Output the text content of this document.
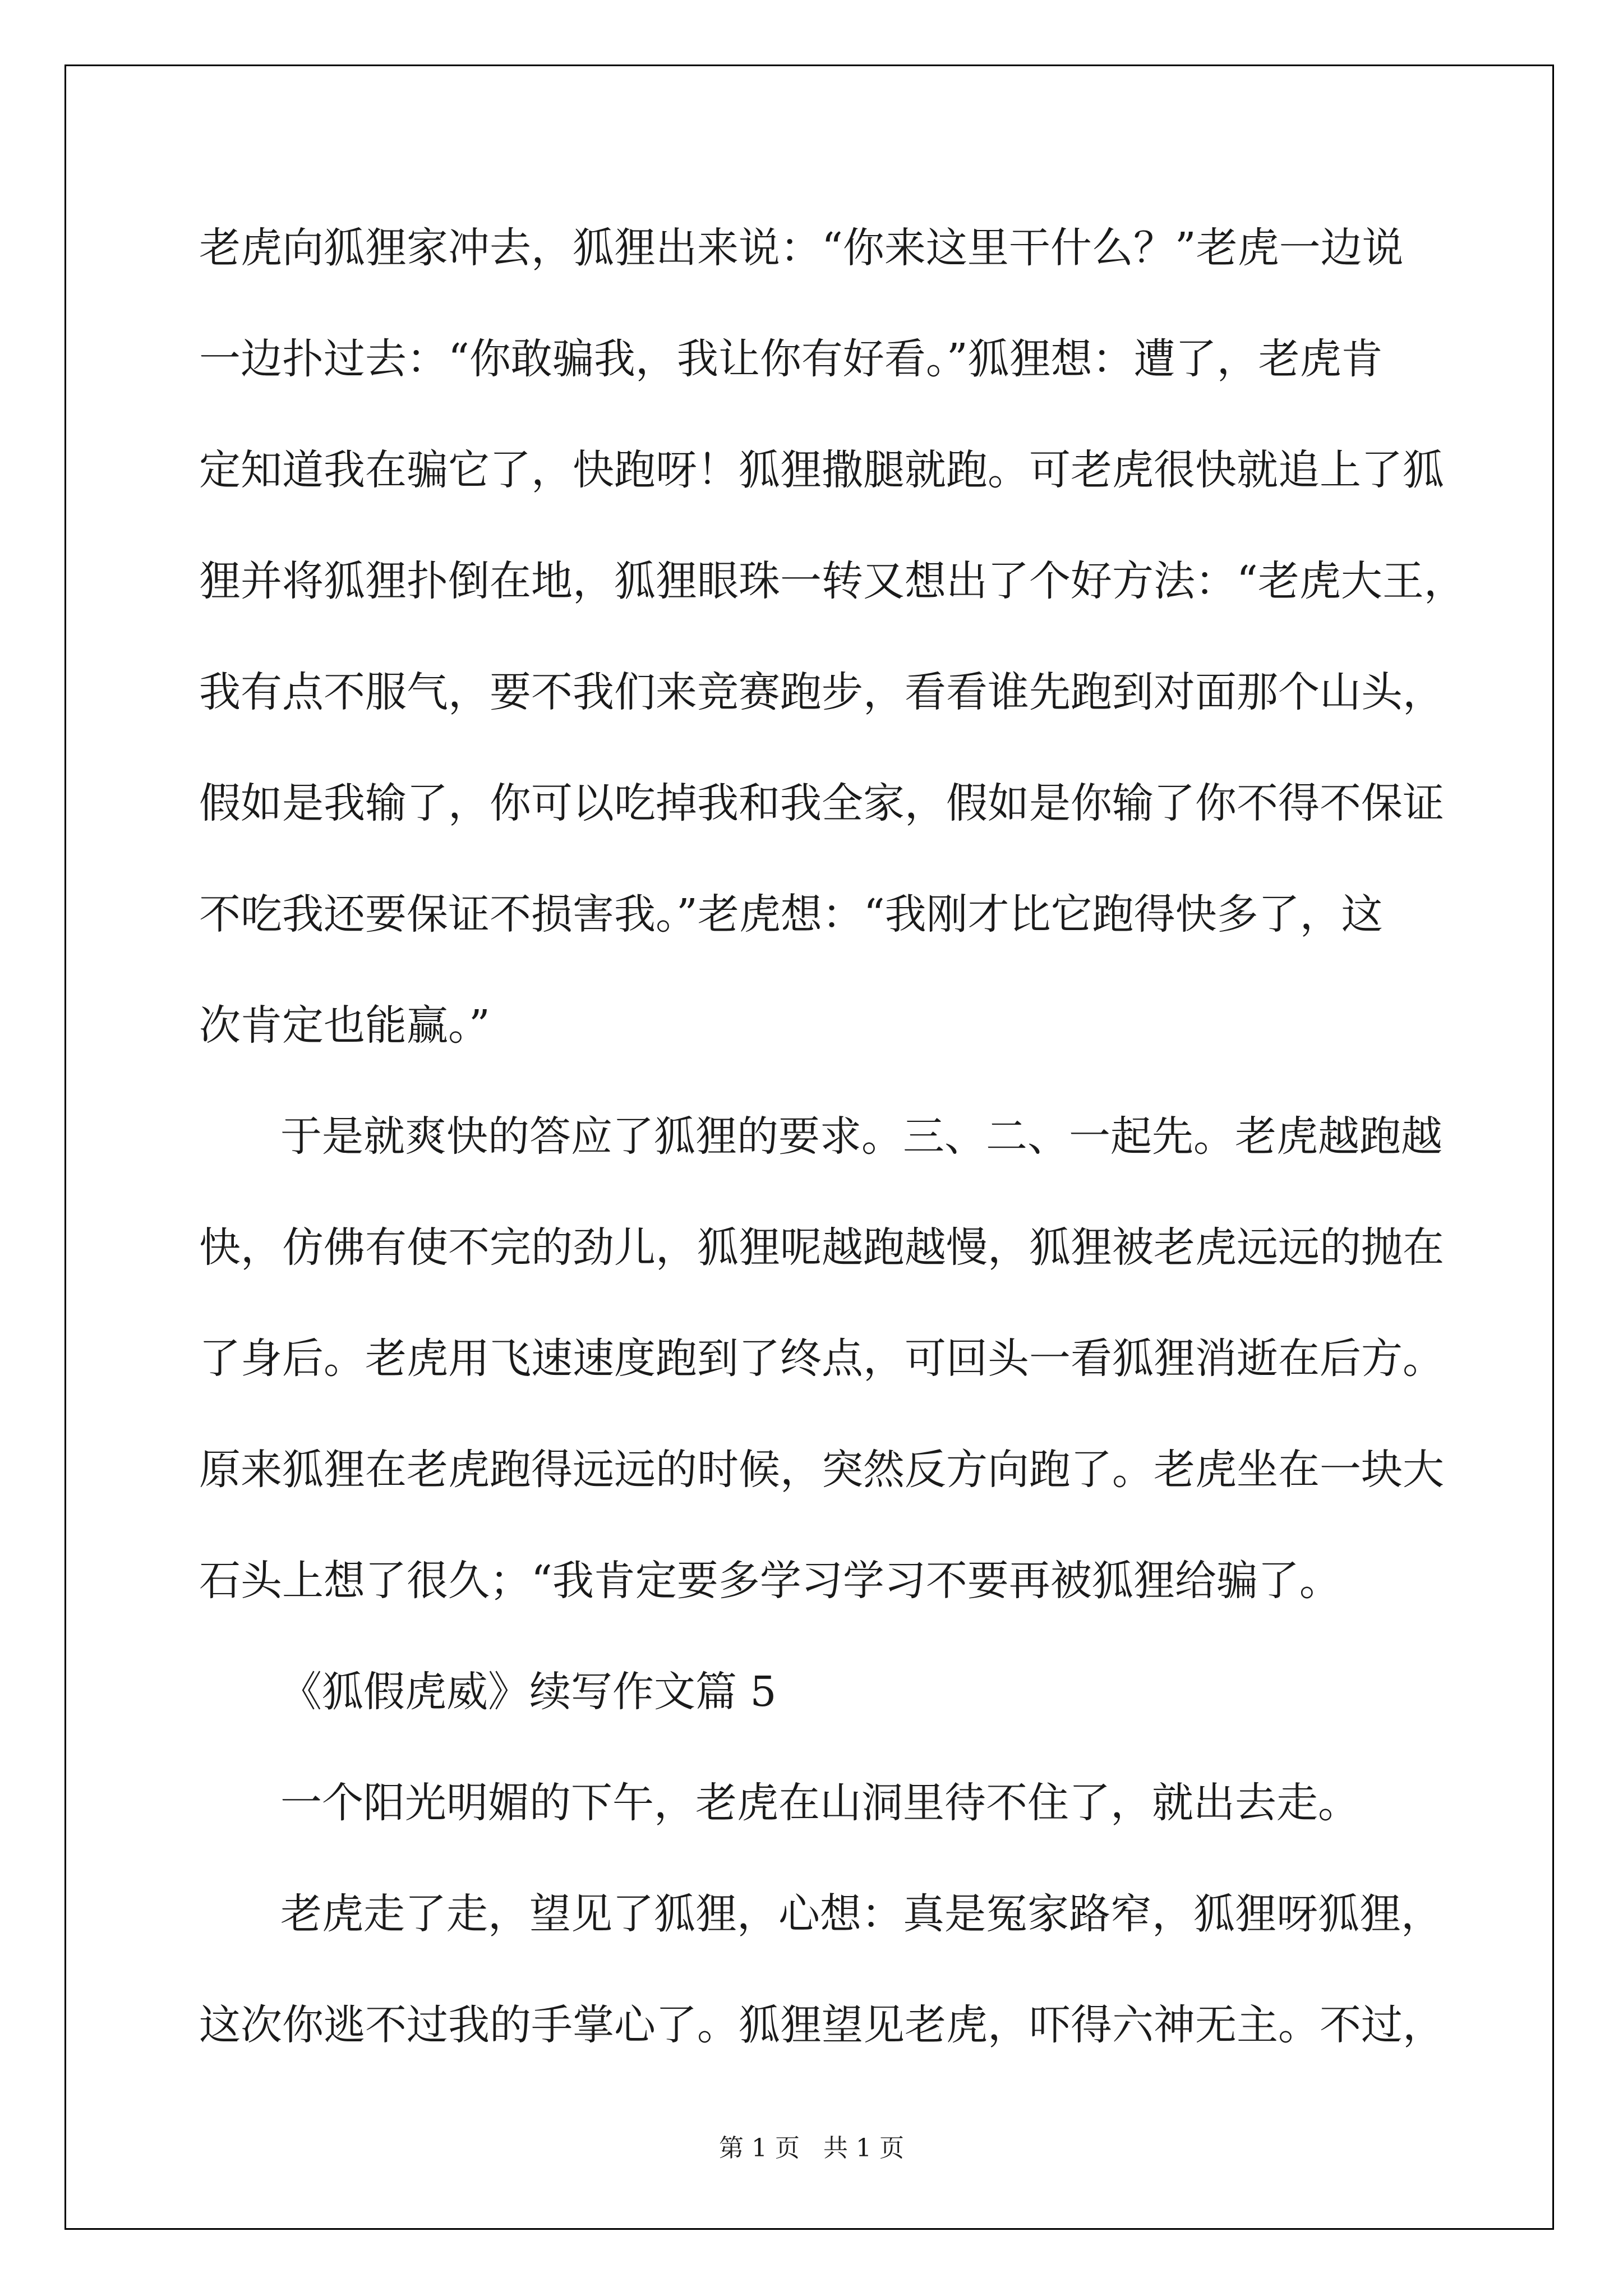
老虎向狐狸家冲去，狐狸出来说：“你来这里干什么？”老虎一边说
一边扑过去：“你敢骗我，我让你有好看。”狐狸想：遭了，老虎肯
定知道我在骗它了，快跑呀！狐狸撒腿就跑。可老虎很快就追上了狐
狸并将狐狸扑倒在地，狐狸眼珠一转又想出了个好方法：“老虎大王，
我有点不服气，要不我们来竞赛跑步，看看谁先跑到对面那个山头，
假如是我输了，你可以吃掉我和我全家，假如是你输了你不得不保证
不吃我还要保证不损害我。”老虎想：“我刚才比它跑得快多了，这
次肯定也能赢。”
于是就爽快的答应了狐狸的要求。三、二、一起先。老虎越跑越
快，仿佛有使不完的劲儿，狐狸呢越跑越慢，狐狸被老虎远远的抛在
了身后。老虎用飞速速度跑到了终点，可回头一看狐狸消逝在后方。
原来狐狸在老虎跑得远远的时候，突然反方向跑了。老虎坐在一块大
石头上想了很久；“我肯定要多学习学习不要再被狐狸给骗了。
《狐假虎威》续写作文篇 5
一个阳光明媚的下午，老虎在山洞里待不住了，就出去走。
老虎走了走，望见了狐狸，心想：真是冤家路窄，狐狸呀狐狸，
这次你逃不过我的手掌心了。狐狸望见老虎，吓得六神无主。不过，
第 1 页   共 1 页
